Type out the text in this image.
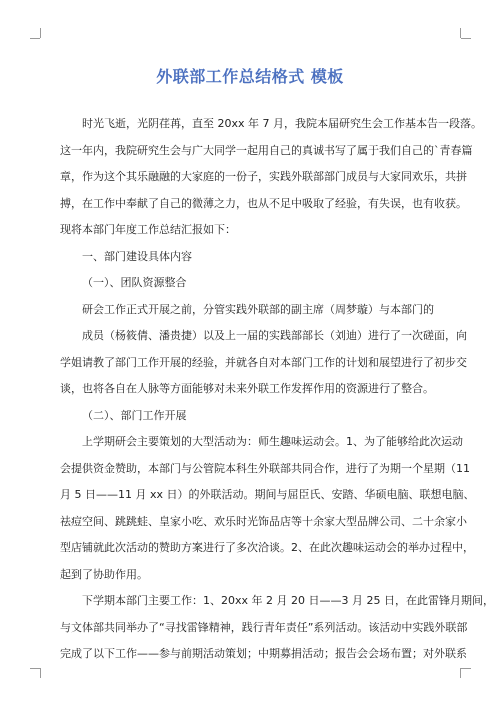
外联部工作总结格式 模板
时光飞逝，光阴荏苒，直至 20xx 年 7 月，我院本届研究生会工作基本告一段落。
这一年内，我院研究生会与广大同学一起用自己的真诚书写了属于我们自己的`青春篇
章，作为这个其乐融融的大家庭的一份子，实践外联部部门成员与大家同欢乐，共拼
搏，在工作中奉献了自己的微薄之力，也从不足中吸取了经验，有失误，也有收获。
现将本部门年度工作总结汇报如下：
一、部门建设具体内容
（一）、团队资源整合
研会工作正式开展之前，分管实践外联部的副主席（周梦璇）与本部门的
成员（杨筱倩、潘贵捷）以及上一届的实践部部长（刘迪）进行了一次磋面，向
学姐请教了部门工作开展的经验，并就各自对本部门工作的计划和展望进行了初步交
谈，也将各自在人脉等方面能够对未来外联工作发挥作用的资源进行了整合。
（二）、部门工作开展
上学期研会主要策划的大型活动为：师生趣味运动会。1、为了能够给此次运动
会提供资金赞助，本部门与公管院本科生外联部共同合作，进行了为期一个星期（11
月 5 日——11 月 xx 日）的外联活动。期间与屈臣氏、安踏、华硕电脑、联想电脑、
祛痘空间、跳跳蛙、皇家小吃、欢乐时光饰品店等十余家大型品牌公司、二十余家小
型店铺就此次活动的赞助方案进行了多次洽谈。2、在此次趣味运动会的举办过程中，
起到了协助作用。
下学期本部门主要工作：1、20xx 年 2 月 20 日——3 月 25 日，在此雷锋月期间，
与文体部共同举办了“寻找雷锋精神，践行青年责任”系列活动。该活动中实践外联部
完成了以下工作——参与前期活动策划；中期募捐活动；报告会会场布置；对外联系
